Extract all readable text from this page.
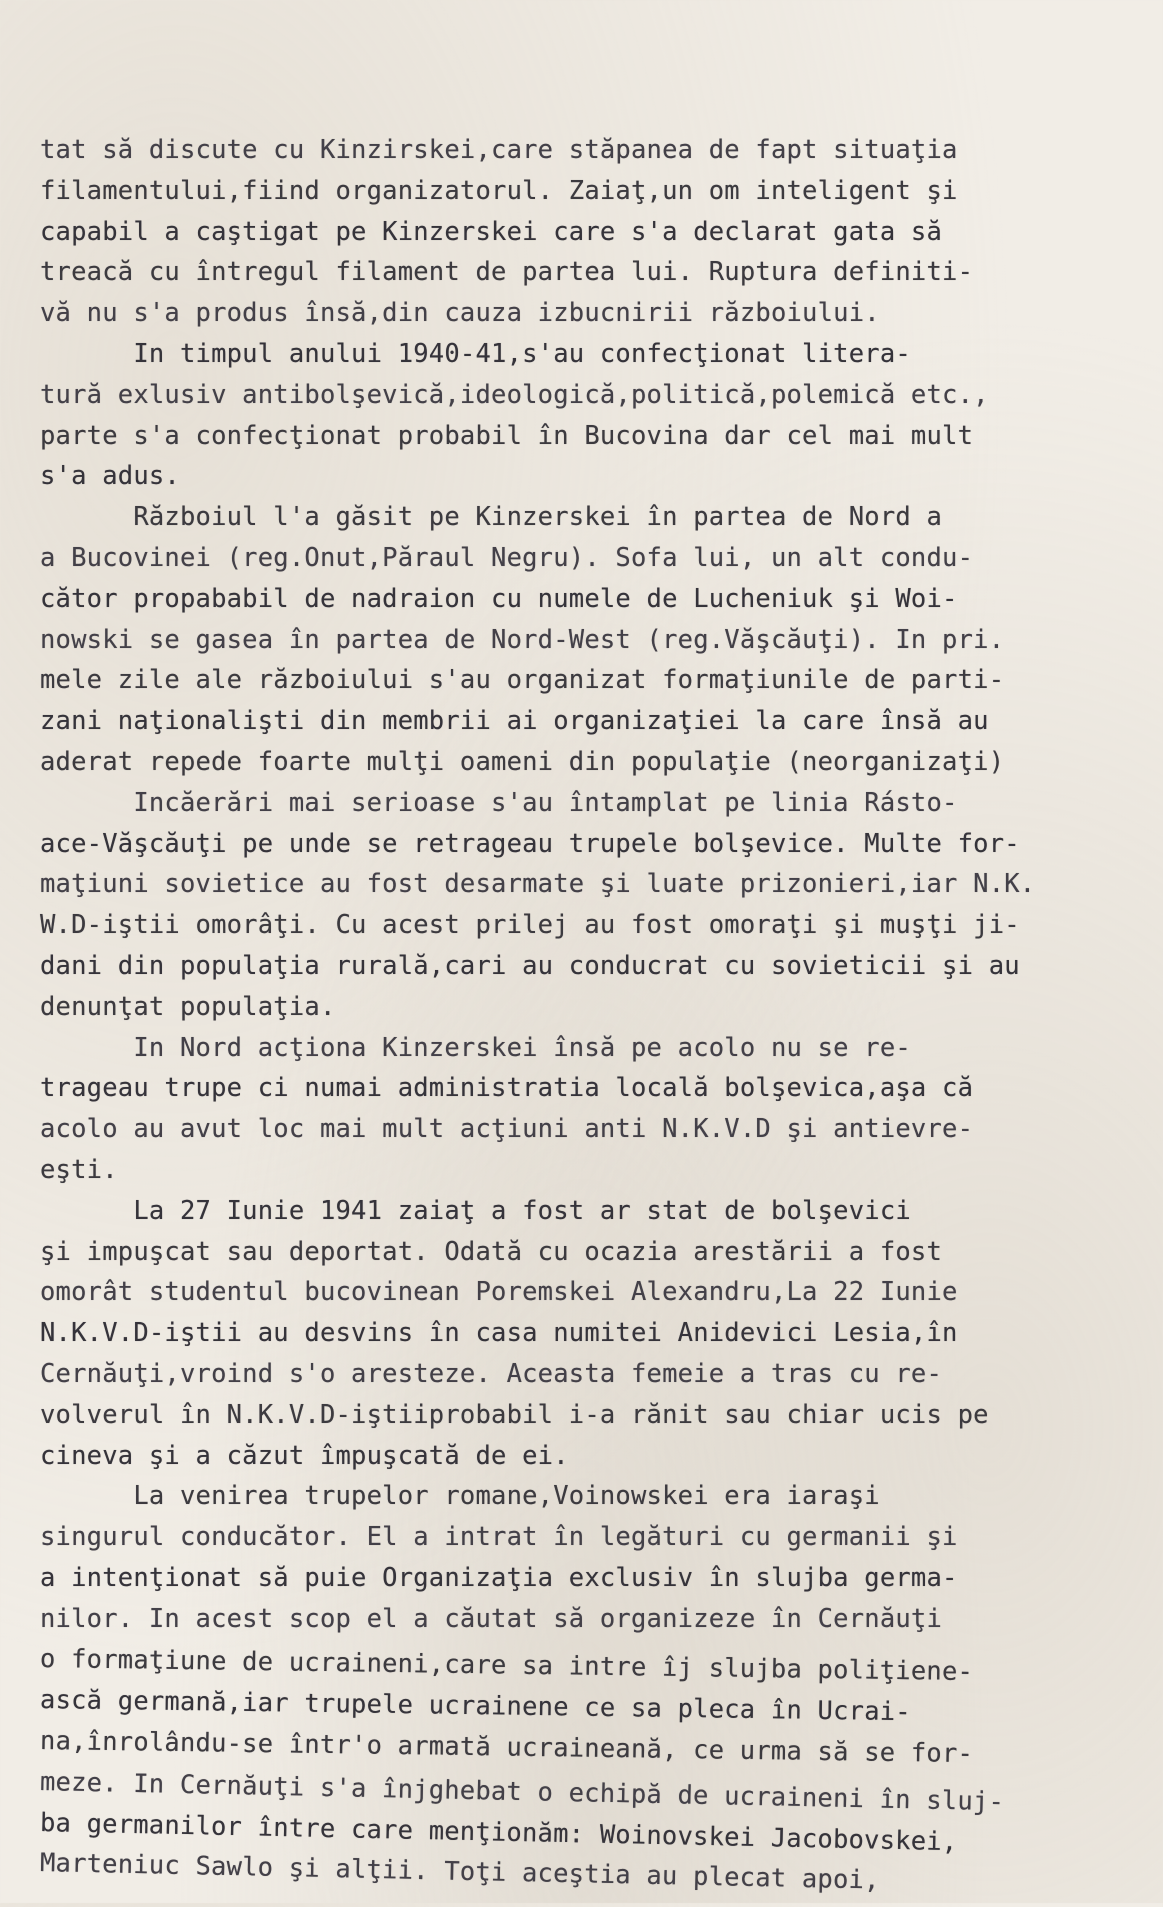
tat să discute cu Kinzirskei,care stăpanea de fapt situaţia
filamentului,fiind organizatorul. Zaiaţ,un om inteligent şi
capabil a caştigat pe Kinzerskei care s'a declarat gata să
treacă cu întregul filament de partea lui. Ruptura definiti-
vă nu s'a produs însă,din cauza izbucnirii războiului.
In timpul anului 1940-41,s'au confecţionat litera-
tură exlusiv antibolşevică,ideologică,politică,polemică etc.,
parte s'a confecţionat probabil în Bucovina dar cel mai mult
s'a adus.
Războiul l'a găsit pe Kinzerskei în partea de Nord a
a Bucovinei (reg.Onut,Păraul Negru). Sofa lui, un alt condu-
cător propababil de nadraion cu numele de Lucheniuk şi Woi-
nowski se gasea în partea de Nord-West (reg.Văşcăuţi). In pri.
mele zile ale războiului s'au organizat formaţiunile de parti-
zani naţionalişti din membrii ai organizaţiei la care însă au
aderat repede foarte mulţi oameni din populaţie (neorganizaţi)
Incăerări mai serioase s'au întamplat pe linia Rásto-
ace-Văşcăuţi pe unde se retrageau trupele bolşevice. Multe for-
maţiuni sovietice au fost desarmate şi luate prizonieri,iar N.K.
W.D-iştii omorâţi. Cu acest prilej au fost omoraţi şi muşţi ji-
dani din populaţia rurală,cari au conducrat cu sovieticii şi au
denunţat populaţia.
In Nord acţiona Kinzerskei însă pe acolo nu se re-
trageau trupe ci numai administratia locală bolşevica,aşa că
acolo au avut loc mai mult acţiuni anti N.K.V.D şi antievre-
eşti.
La 27 Iunie 1941 zaiaţ a fost ar stat de bolşevici
şi impuşcat sau deportat. Odată cu ocazia arestării a fost
omorât studentul bucovinean Poremskei Alexandru,La 22 Iunie
N.K.V.D-iştii au desvins în casa numitei Anidevici Lesia,în
Cernăuţi,vroind s'o aresteze. Aceasta femeie a tras cu re-
volverul în N.K.V.D-iştiiprobabil i-a rănit sau chiar ucis pe
cineva şi a căzut împuşcată de ei.
La venirea trupelor romane,Voinowskei era iaraşi
singurul conducător. El a intrat în legături cu germanii şi
a intenţionat să puie Organizaţia exclusiv în slujba germa-
nilor. In acest scop el a căutat să organizeze în Cernăuţi
o formaţiune de ucraineni,care sa intre îj slujba poliţiene-
ască germană,iar trupele ucrainene ce sa pleca în Ucrai-
na,înrolându-se într'o armată ucraineană, ce urma să se for-
meze. In Cernăuţi s'a înjghebat o echipă de ucraineni în sluj-
ba germanilor între care menţionăm: Woinovskei Jacobovskei,
Marteniuc Sawlo şi alţii. Toţi aceştia au plecat apoi,
